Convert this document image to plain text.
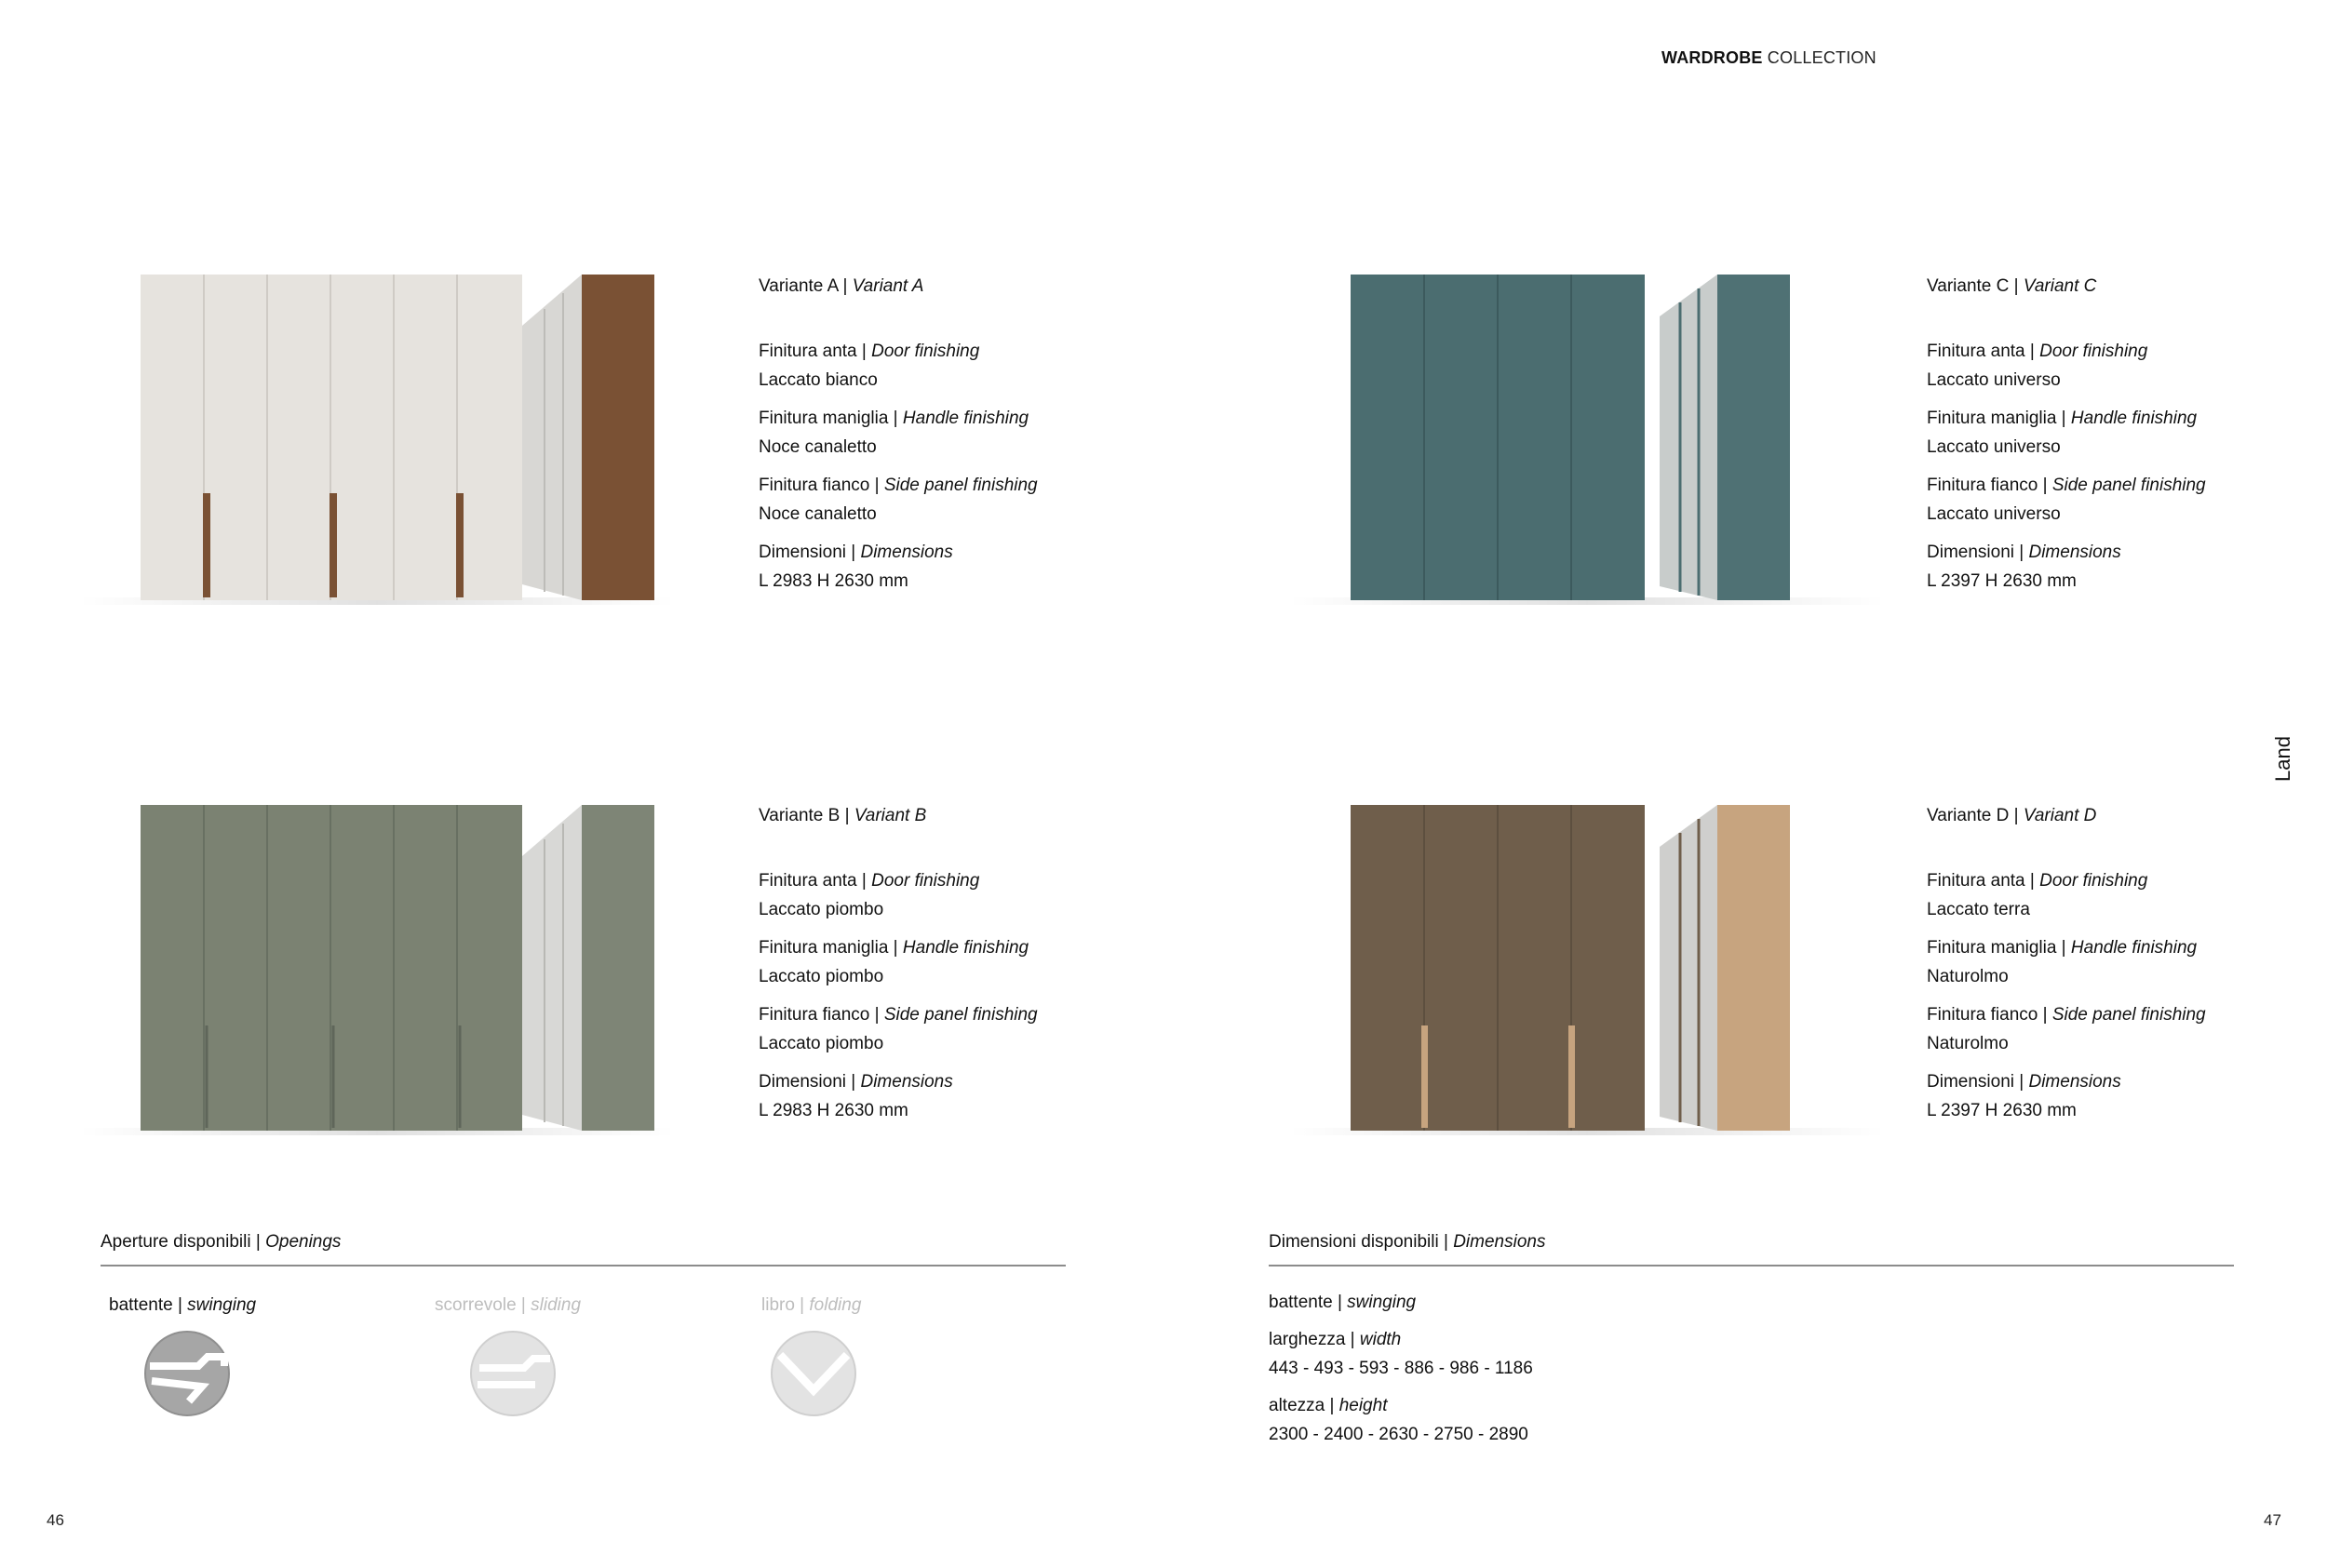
WARDROBE COLLECTION
Land
Variante A | Variant A
Finitura anta | Door finishing
Laccato bianco
Finitura maniglia | Handle finishing
Noce canaletto
Finitura fianco | Side panel finishing
Noce canaletto
Dimensioni | Dimensions
L 2983 H 2630 mm
Variante C | Variant C
Finitura anta | Door finishing
Laccato universo
Finitura maniglia | Handle finishing
Laccato universo
Finitura fianco | Side panel finishing
Laccato universo
Dimensioni | Dimensions
L 2397 H 2630 mm
Variante B | Variant B
Finitura anta | Door finishing
Laccato piombo
Finitura maniglia | Handle finishing
Laccato piombo
Finitura fianco | Side panel finishing
Laccato piombo
Dimensioni | Dimensions
L 2983 H 2630 mm
Variante D | Variant D
Finitura anta | Door finishing
Laccato terra
Finitura maniglia | Handle finishing
Naturolmo
Finitura fianco | Side panel finishing
Naturolmo
Dimensioni | Dimensions
L 2397 H 2630 mm
Aperture disponibili | Openings
battente | swinging	scorrevole | sliding	libro | folding
Dimensioni disponibili | Dimensions
battente | swinging
larghezza | width
443 - 493 - 593 - 886 - 986 - 1186
altezza | height
2300 - 2400 - 2630 - 2750 - 2890
46	47
